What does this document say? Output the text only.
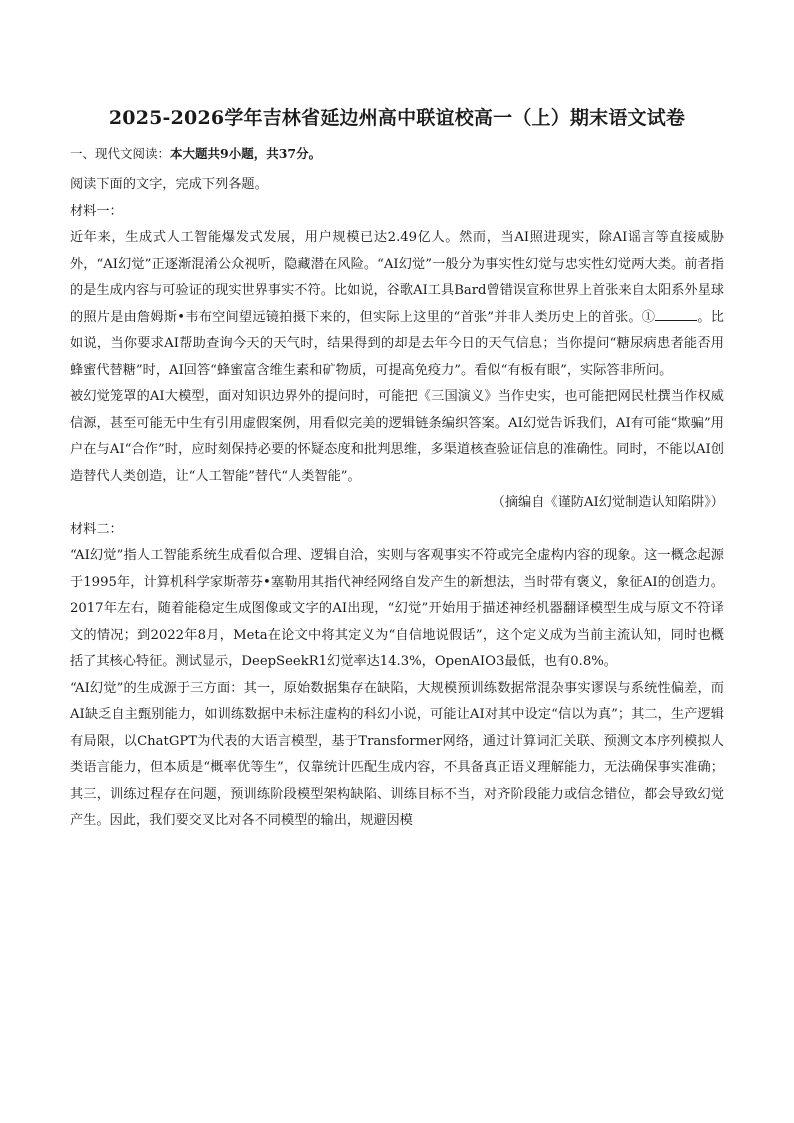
2025-2026学年吉林省延边州高中联谊校高一（上）期末语文试卷
一、现代文阅读：本大题共9小题，共37分。

阅读下面的文字，完成下列各题。

材料一：

近年来，生成式人工智能爆发式发展，用户规模已达2.49亿人。然而，当AI照进现实，除AI谣言等直接威胁外，“AI幻觉”正逐渐混淆公众视听，隐藏潜在风险。“AI幻觉”一般分为事实性幻觉与忠实性幻觉两大类。前者指的是生成内容与可验证的现实世界事实不符。比如说，谷歌AI工具Bard曾错误宣称世界上首张来自太阳系外星球的照片是由詹姆斯•韦布空间望远镜拍摄下来的，但实际上这里的“首张”并非人类历史上的首张。①	。比如说，当你要求AI帮助查询今天的天气时，结果得到的却是去年今日的天气信息；当你提问“糖尿病患者能否用蜂蜜代替糖”时，AI回答“蜂蜜富含维生素和矿物质，可提高免疫力”。看似“有板有眼”，实际答非所问。

被幻觉笼罩的AI大模型，面对知识边界外的提问时，可能把《三国演义》当作史实，也可能把网民杜撰当作权威信源，甚至可能无中生有引用虚假案例，用看似完美的逻辑链条编织答案。AI幻觉告诉我们，AI有可能“欺骗”用户在与AI“合作”时，应时刻保持必要的怀疑态度和批判思维，多渠道核查验证信息的准确性。同时，不能以AI创造替代人类创造，让“人工智能”替代“人类智能”。

（摘编自《谨防AI幻觉制造认知陷阱》）

材料二：

“AI幻觉”指人工智能系统生成看似合理、逻辑自洽，实则与客观事实不符或完全虚构内容的现象。这一概念起源于1995年，计算机科学家斯蒂芬•塞勒用其指代神经网络自发产生的新想法，当时带有褒义，象征AI的创造力。2017年左右，随着能稳定生成图像或文字的AI出现，“幻觉”开始用于描述神经机器翻译模型生成与原文不符译文的情况；到2022年8月，Meta在论文中将其定义为“自信地说假话”，这个定义成为当前主流认知，同时也概括了其核心特征。测试显示，DeepSeekR1幻觉率达14.3%，OpenAIO3最低，也有0.8%。

“AI幻觉”的生成源于三方面：其一，原始数据集存在缺陷，大规模预训练数据常混杂事实谬误与系统性偏差，而AI缺乏自主甄别能力，如训练数据中未标注虚构的科幻小说，可能让AI对其中设定“信以为真”；其二，生产逻辑有局限，以ChatGPT为代表的大语言模型，基于Transformer网络，通过计算词汇关联、预测文本序列模拟人类语言能力，但本质是“概率优等生”，仅靠统计匹配生成内容，不具备真正语义理解能力，无法确保事实准确；其三，训练过程存在问题，预训练阶段模型架构缺陷、训练目标不当，对齐阶段能力或信念错位，都会导致幻觉产生。因此，我们要交叉比对各不同模型的输出，规避因模
